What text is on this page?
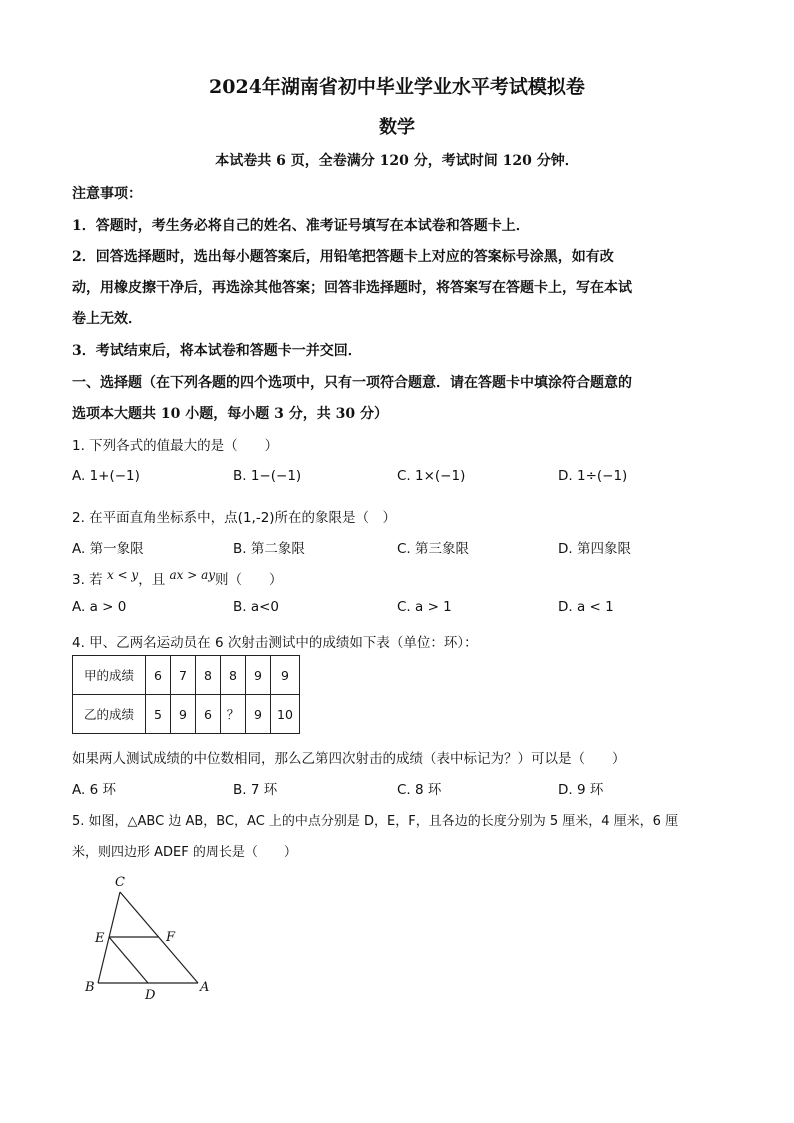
2024年湖南省初中毕业学业水平考试模拟卷
数学
本试卷共 6 页，全卷满分 120 分，考试时间 120 分钟．
注意事项：
1．答题时，考生务必将自己的姓名、准考证号填写在本试卷和答题卡上．
2．回答选择题时，选出每小题答案后，用铅笔把答题卡上对应的答案标号涂黑，如有改
动，用橡皮擦干净后，再选涂其他答案；回答非选择题时，将答案写在答题卡上，写在本试
卷上无效．
3．考试结束后，将本试卷和答题卡一并交回．
一、选择题（在下列各题的四个选项中，只有一项符合题意．请在答题卡中填涂符合题意的
选项本大题共 10 小题，每小题 3 分，共 30 分）
1. 下列各式的值最大的是（　　）
A. 1+(−1)	B. 1−(−1)	C. 1×(−1)	D. 1÷(−1)
2. 在平面直角坐标系中，点(1,-2)所在的象限是（　）
A. 第一象限	B. 第二象限	C. 第三象限	D. 第四象限
3. 若 x < y，且 ax > ay则（　　）
A. a > 0	B. a<0	C. a > 1	D. a < 1
4. 甲、乙两名运动员在 6 次射击测试中的成绩如下表（单位：环）：
甲的成绩	6	7	8	8	9	9
乙的成绩	5	9	6	？	9	10
如果两人测试成绩的中位数相同，那么乙第四次射击的成绩（表中标记为？）可以是（　　）
A. 6 环	B. 7 环	C. 8 环	D. 9 环
5. 如图，△ABC 边 AB，BC，AC 上的中点分别是 D，E，F，且各边的长度分别为 5 厘米，4 厘米，6 厘
米，则四边形 ADEF 的周长是（　　）
C
E	F
B
D
A
